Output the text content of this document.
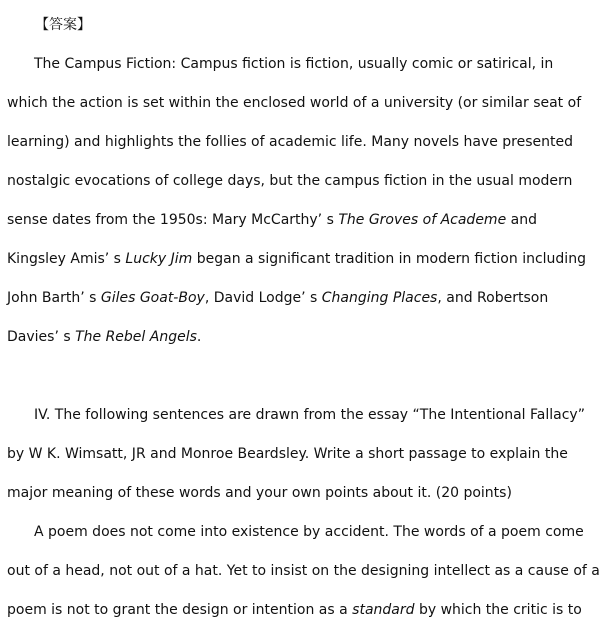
【答案】
The Campus Fiction: Campus fiction is fiction, usually comic or satirical, in
which the action is set within the enclosed world of a university (or similar seat of
learning) and highlights the follies of academic life. Many novels have presented
nostalgic evocations of college days, but the campus fiction in the usual modern
sense dates from the 1950s: Mary McCarthy’ s The Groves of Academe and
Kingsley Amis’ s Lucky Jim began a significant tradition in modern fiction including
John Barth’ s Giles Goat-Boy, David Lodge’ s Changing Places, and Robertson
Davies’ s The Rebel Angels.
IV. The following sentences are drawn from the essay “The Intentional Fallacy”
by W K. Wimsatt, JR and Monroe Beardsley. Write a short passage to explain the
major meaning of these words and your own points about it. (20 points)
A poem does not come into existence by accident. The words of a poem come
out of a head, not out of a hat. Yet to insist on the designing intellect as a cause of a
poem is not to grant the design or intention as a standard by which the critic is to
